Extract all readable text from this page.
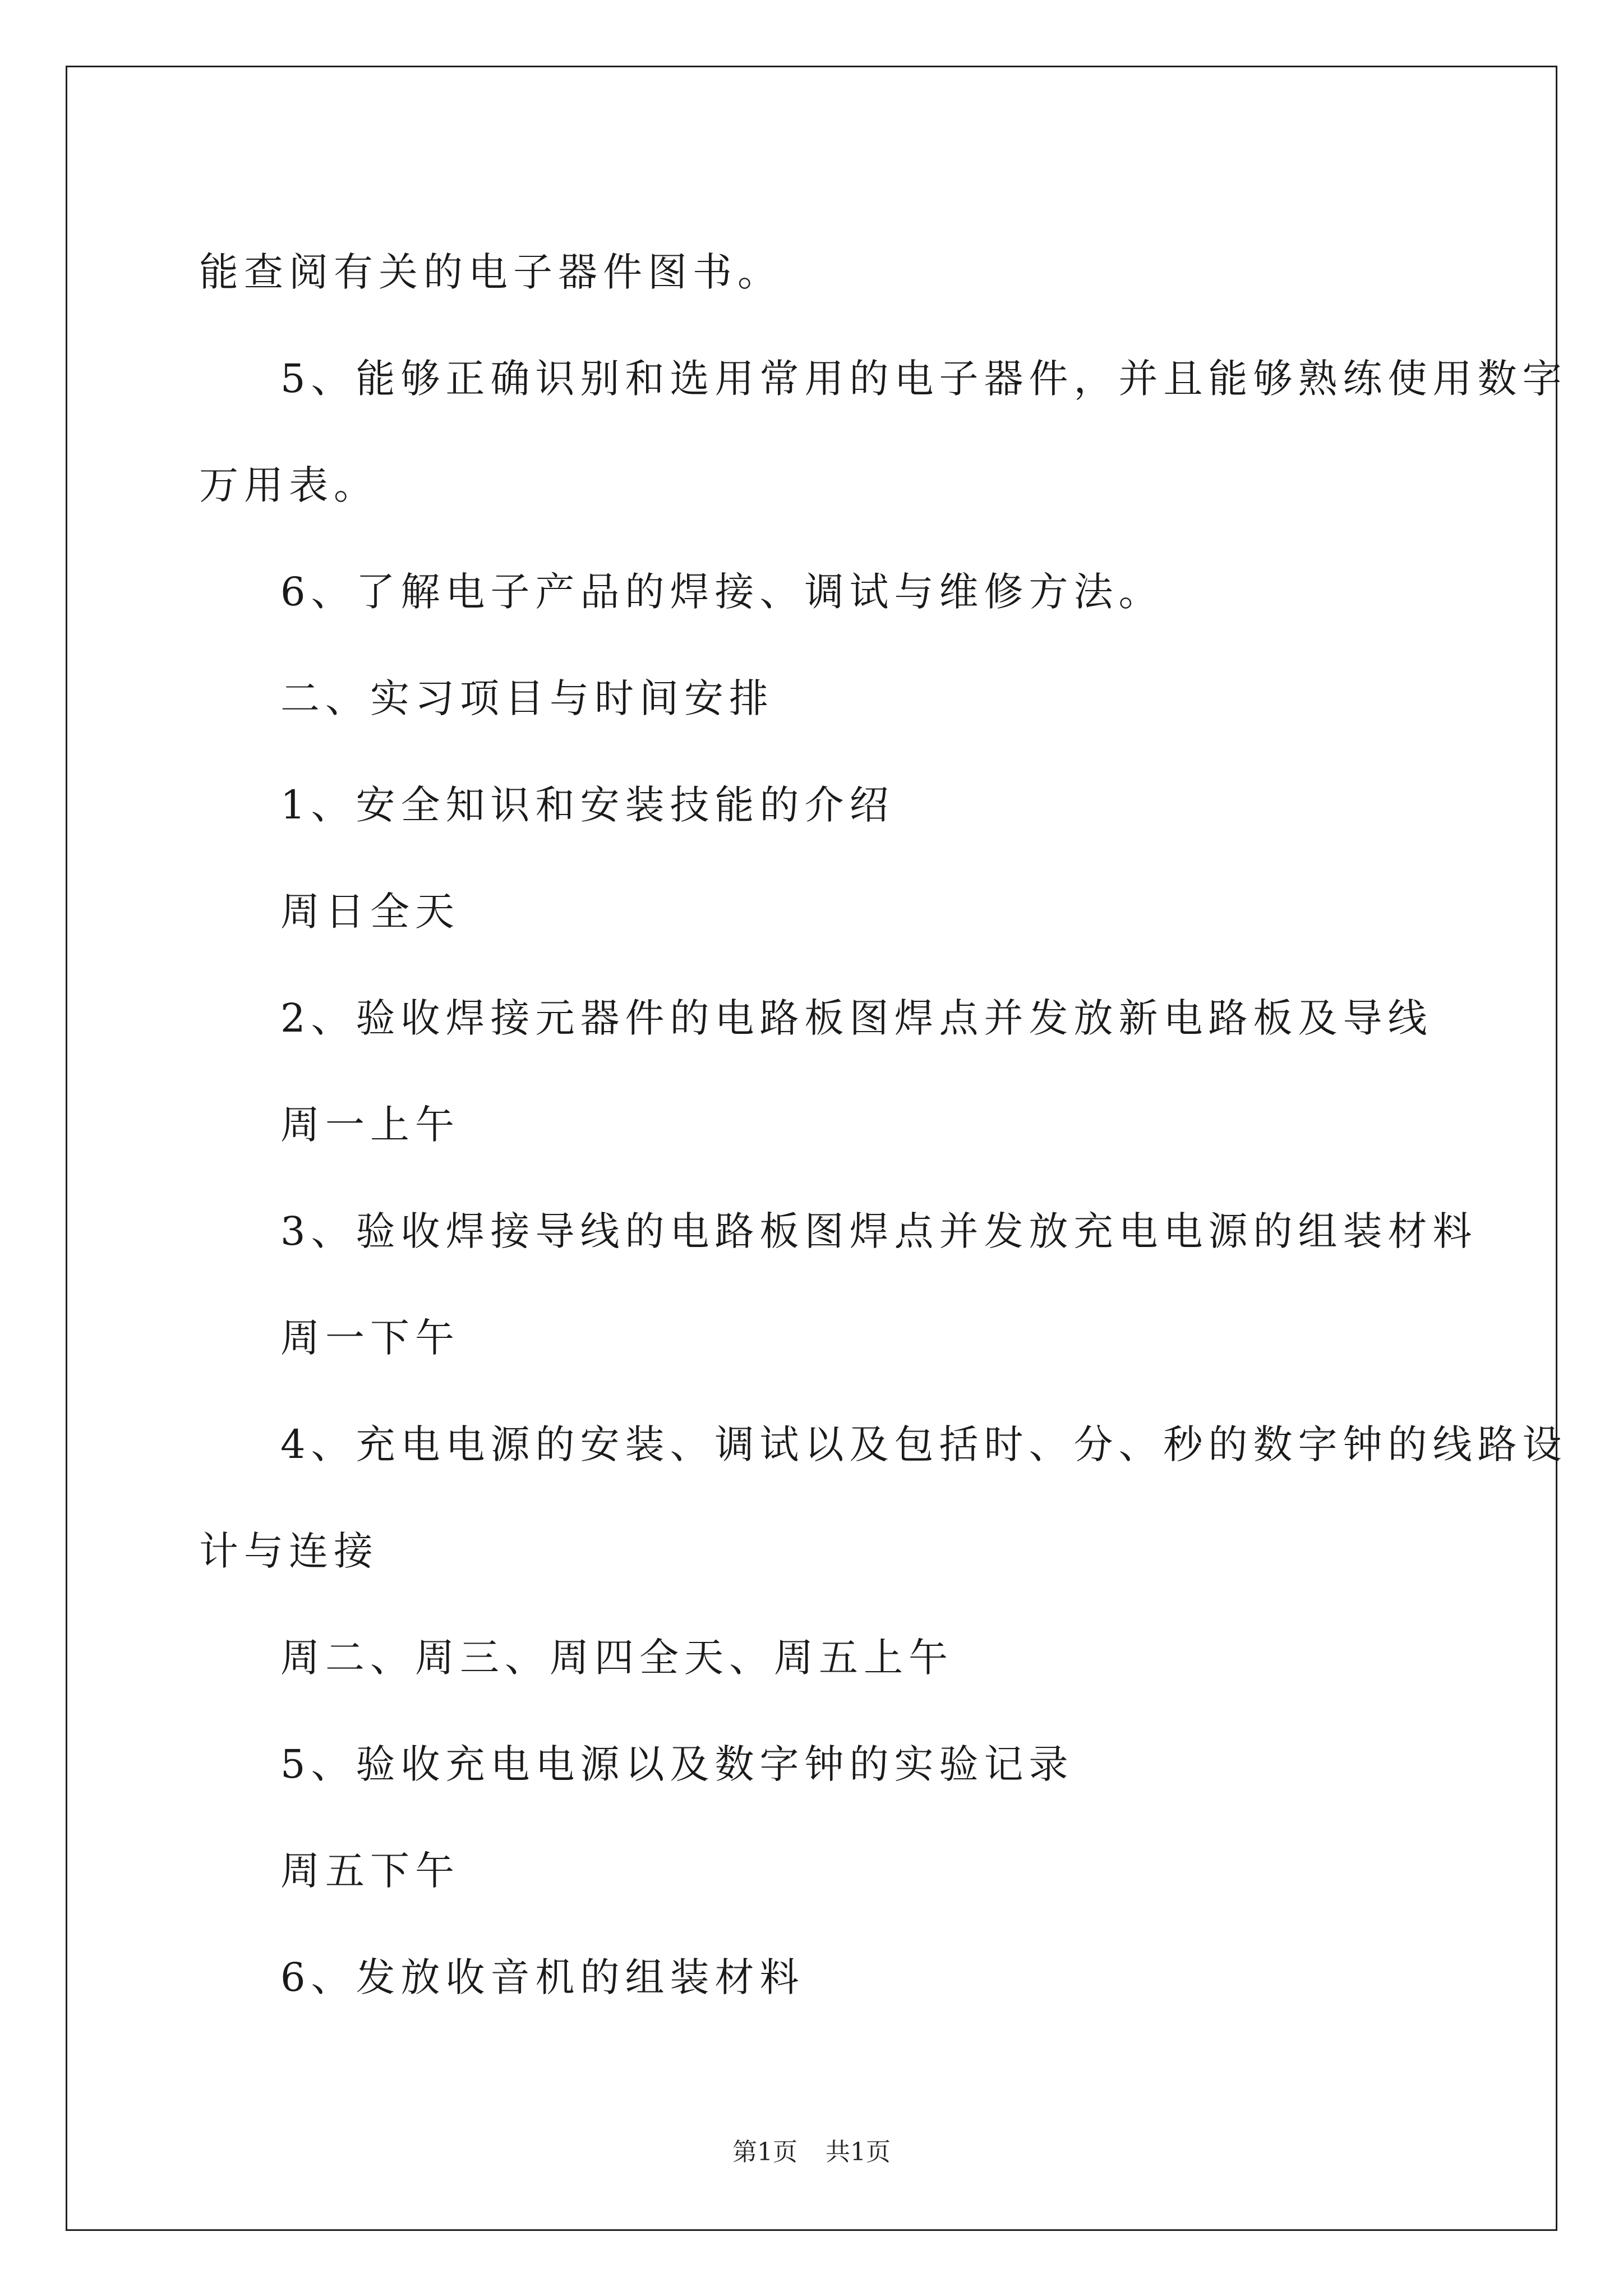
能查阅有关的电子器件图书。

5、能够正确识别和选用常用的电子器件，并且能够熟练使用数字

万用表。

6、了解电子产品的焊接、调试与维修方法。

二、实习项目与时间安排

1、安全知识和安装技能的介绍

周日全天

2、验收焊接元器件的电路板图焊点并发放新电路板及导线

周一上午

3、验收焊接导线的电路板图焊点并发放充电电源的组装材料

周一下午

4、充电电源的安装、调试以及包括时、分、秒的数字钟的线路设

计与连接

周二、周三、周四全天、周五上午

5、验收充电电源以及数字钟的实验记录

周五下午

6、发放收音机的组装材料

第1页 共1页
